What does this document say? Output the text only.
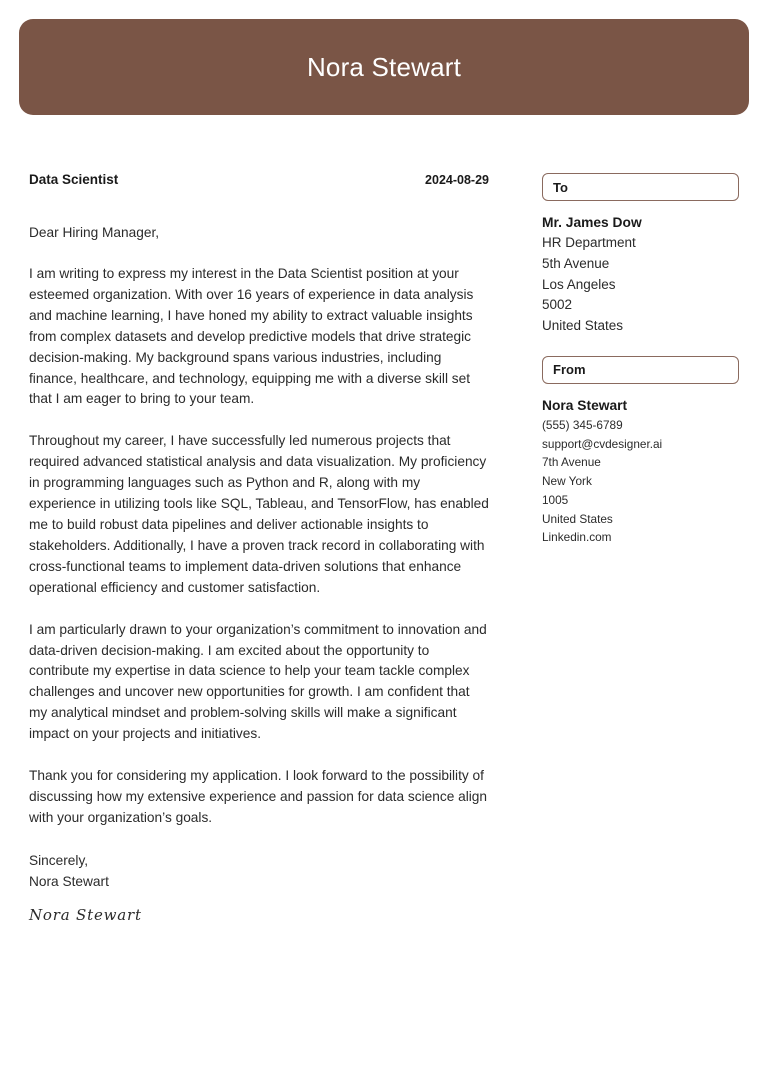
Nora Stewart
Data Scientist	2024-08-29
Dear Hiring Manager,
I am writing to express my interest in the Data Scientist position at your esteemed organization. With over 16 years of experience in data analysis and machine learning, I have honed my ability to extract valuable insights from complex datasets and develop predictive models that drive strategic decision-making. My background spans various industries, including finance, healthcare, and technology, equipping me with a diverse skill set that I am eager to bring to your team.
Throughout my career, I have successfully led numerous projects that required advanced statistical analysis and data visualization. My proficiency in programming languages such as Python and R, along with my experience in utilizing tools like SQL, Tableau, and TensorFlow, has enabled me to build robust data pipelines and deliver actionable insights to stakeholders. Additionally, I have a proven track record in collaborating with cross-functional teams to implement data-driven solutions that enhance operational efficiency and customer satisfaction.
I am particularly drawn to your organization’s commitment to innovation and data-driven decision-making. I am excited about the opportunity to contribute my expertise in data science to help your team tackle complex challenges and uncover new opportunities for growth. I am confident that my analytical mindset and problem-solving skills will make a significant impact on your projects and initiatives.
Thank you for considering my application. I look forward to the possibility of discussing how my extensive experience and passion for data science align with your organization’s goals.
Sincerely,
Nora Stewart
Nora Stewart
To
Mr. James Dow
HR Department
5th Avenue
Los Angeles
5002
United States
From
Nora Stewart
(555) 345-6789
support@cvdesigner.ai
7th Avenue
New York
1005
United States
Linkedin.com
